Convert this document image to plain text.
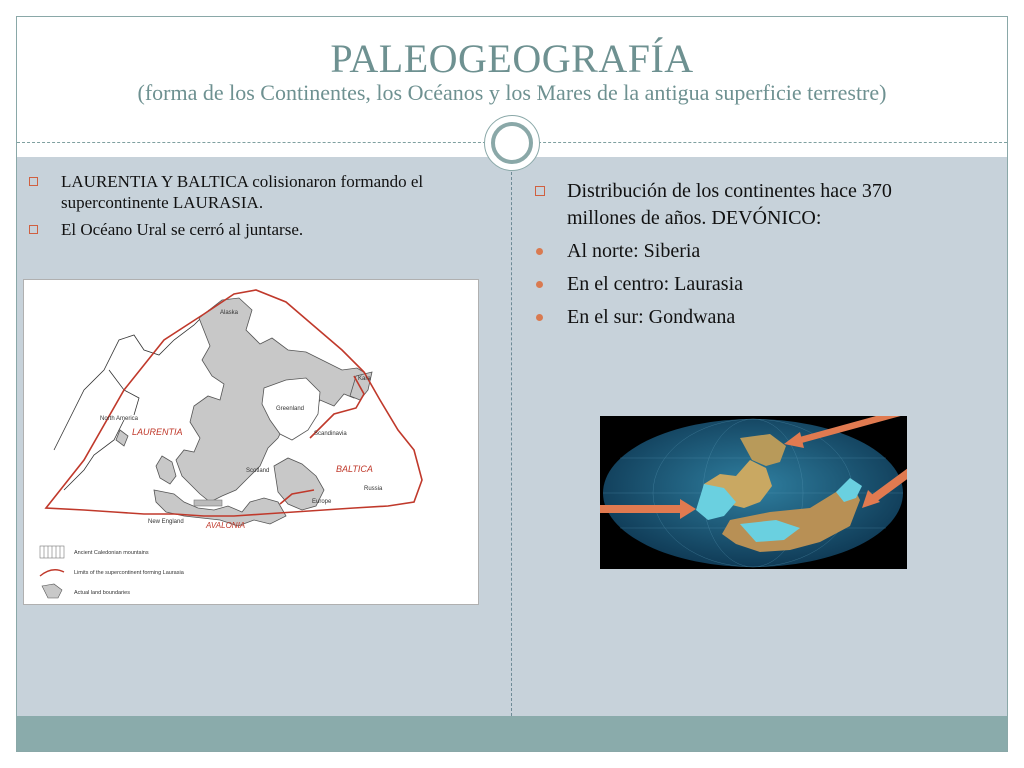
PALEOGEOGRAFÍA
(forma de los Continentes, los Océanos y los Mares de la antigua superficie terrestre)
LAURENTIA Y BALTICA colisionaron formando el supercontinente LAURASIA.
El Océano Ural se cerró al juntarse.
Distribución de los continentes hace 370 millones de años. DEVÓNICO:
Al norte: Siberia
En el centro: Laurasia
En el sur: Gondwana
Alaska
Kara
Greenland
North America
LAURENTIA	Scandinavia
Scotland	BALTICA
Russia
Europe
New England	AVALONIA
Ancient Caledonian mountains
Limits of the supercontinent forming Laurasia
Actual land boundaries
